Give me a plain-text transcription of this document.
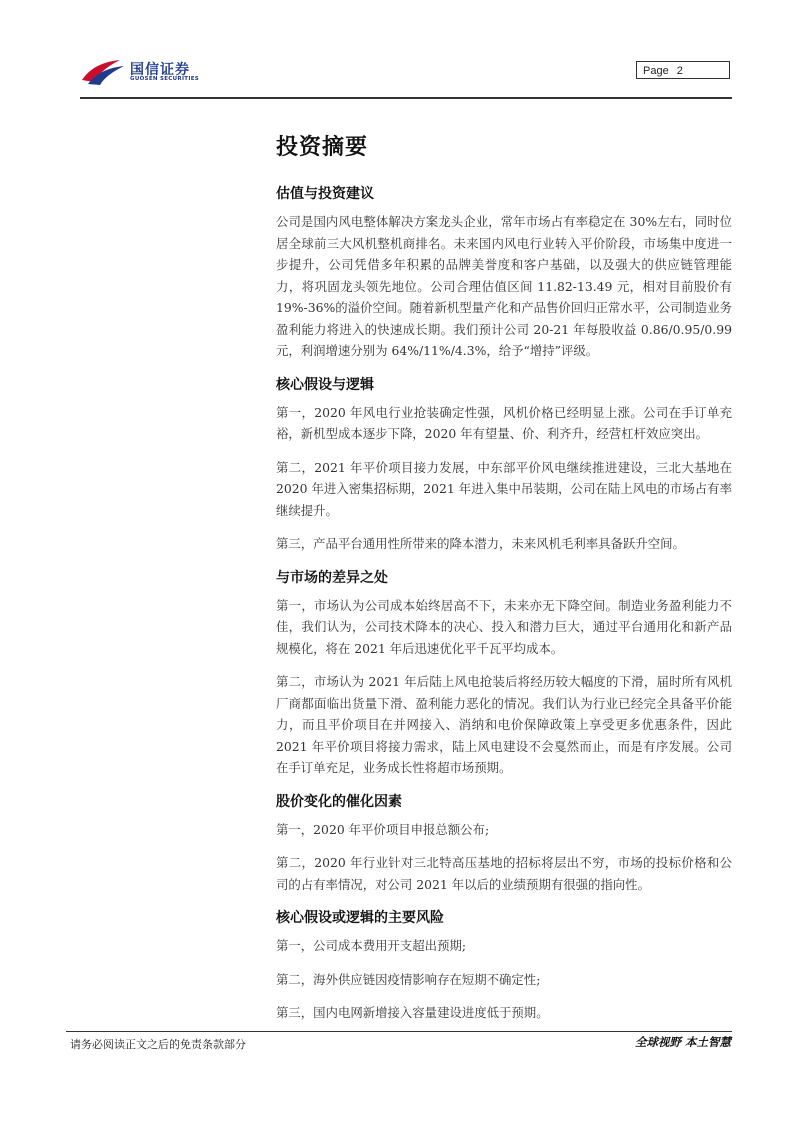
国信证券
GUOSEN SECURITIES
Page 2
投资摘要
估值与投资建议

公司是国内风电整体解决方案龙头企业，常年市场占有率稳定在 30%左右，同时位居全球前三大风机整机商排名。未来国内风电行业转入平价阶段，市场集中度进一步提升，公司凭借多年积累的品牌美誉度和客户基础，以及强大的供应链管理能力，将巩固龙头领先地位。公司合理估值区间 11.82-13.49 元，相对目前股价有 19%-36%的溢价空间。随着新机型量产化和产品售价回归正常水平，公司制造业务盈利能力将进入的快速成长期。我们预计公司 20-21 年每股收益 0.86/0.95/0.99 元，利润增速分别为 64%/11%/4.3%，给予“增持”评级。

核心假设与逻辑

第一，2020 年风电行业抢装确定性强，风机价格已经明显上涨。公司在手订单充裕，新机型成本逐步下降，2020 年有望量、价、利齐升，经营杠杆效应突出。

第二，2021 年平价项目接力发展，中东部平价风电继续推进建设，三北大基地在 2020 年进入密集招标期，2021 年进入集中吊装期，公司在陆上风电的市场占有率继续提升。

第三，产品平台通用性所带来的降本潜力，未来风机毛利率具备跃升空间。

与市场的差异之处

第一，市场认为公司成本始终居高不下，未来亦无下降空间。制造业务盈利能力不佳，我们认为，公司技术降本的决心、投入和潜力巨大，通过平台通用化和新产品规模化，将在 2021 年后迅速优化平千瓦平均成本。

第二，市场认为 2021 年后陆上风电抢装后将经历较大幅度的下滑，届时所有风机厂商都面临出货量下滑、盈利能力恶化的情况。我们认为行业已经完全具备平价能力，而且平价项目在并网接入、消纳和电价保障政策上享受更多优惠条件，因此 2021 年平价项目将接力需求，陆上风电建设不会戛然而止，而是有序发展。公司在手订单充足，业务成长性将超市场预期。

股价变化的催化因素

第一，2020 年平价项目申报总额公布;

第二，2020 年行业针对三北特高压基地的招标将层出不穷，市场的投标价格和公司的占有率情况，对公司 2021 年以后的业绩预期有很强的指向性。

核心假设或逻辑的主要风险

第一，公司成本费用开支超出预期;

第二，海外供应链因疫情影响存在短期不确定性;

第三，国内电网新增接入容量建设进度低于预期。

请务必阅读正文之后的免责条款部分	全球视野 本土智慧
